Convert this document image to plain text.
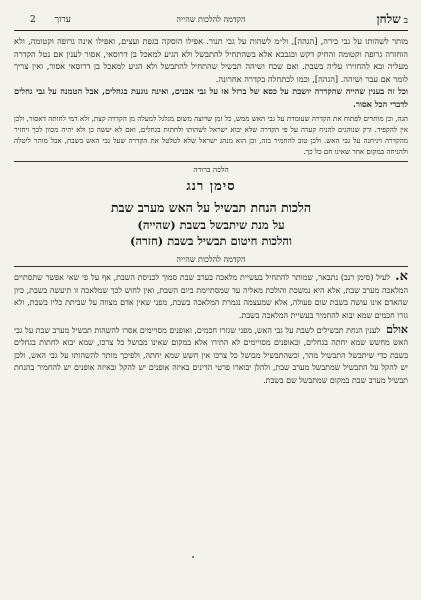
ב שלחן
הקדמה להלכות שהייה
ערוך 2

מותר לשהותו על גבי כירה, [הגהה], ול״מ לשהות על גבי תנור. אפילו הוסקה בגפת ועצים, ואפילו אינה גרופה וקטומה, ולא הוחזרה גרופה וקטומה והחיק דקש ובגבבא אלא בשהתחיל להתבשל ולא הגיע למאכל בן דרוסאי, אסור לענין אם נטל הקדרה מעליה ובא להחזירו עליה בשבת. ואם שכח ושיהה תבשיל שהתחיל להתבשל ולא הגיע למאכל בן דרוסאי אסור, ואין צריך לומר אם עבר ושיהה. [הגהה], וכמו לכתחלה בקדרה אחרונה.

וכל זה בענין שהייה שהקדרה יושבת על כסא של ברזל או על גבי אבנים, ואינה נוגעת בגחלים, אבל הטמנה על גבי גחלים לדברי הכל אסור.

הגה, וכן מותרים לפתוח את הקדרה שעומדת על גבי האש ממש, כל זמן שרוצה משום מגלגל למעלה מן הקדרה קצת, ולא דמי לחותה דאסור, ולכן אין להקפיד. ורק שנוהגים להניח קערה על פי הקדרה שלא יבוא ישראל לשהותו ולחתות בגחלים, ואם לא יעשה כן ולא יהיה מכוון לכך ויחזיר מהקדרה ויניחנה על גבי האש. ולכן טוב להחמיר בזה, וכן הוא מנהג ישראל שלא לטלטל את הקדרה שעל גבי האש בשבת, אבל מותר ליטלה ולהניחה במקום אחר שאינו חם כל כך.

הלכה ברורה
סימן רנג
הלכות הנחת תבשיל על האש מערב שבת
על מנת שיתבשל בשבת (שהייה)
והלכות חיטום תבשיל בשבת (חזרה)
הקדמה להלכות שהייה

א.לעיל (סימן רנב) נתבאר, שמותר להתחיל בעשיית מלאכה בערב שבת סמוך לכניסת השבת, אף על פי שאי אפשר שתסתיים המלאכה מערב שבת, אלא היא נמשכת והולכת מאליה עד שמסתיימת ביום השבת, ואין לחוש לכך שמלאכה זו תיעשה בשבת, כיון שהאדם אינו עושה בשבת שום פעולה, אלא שמעצמה נגמרת המלאכה בשבת, מפני שאין אדם מצווה על שביתת כליו בשבת, ולא גזרו חכמים שמא יבוא להחמיר בעשיית המלאכה בשבת.

אולםלענין הנחת תבשילים לשבת על גבי האש, מפני שגזרו חכמים, ואופנים מסויימים אסרו להשהות תבשיל מערב שבת על גבי האש מחשש שמא יחתה בגחלים, ובאופנים מסויימים לא התירו אלא במקום שאינו מבושל כל צרכו, שמא יבוא לחתות בגחלים בשבת כדי שיתבשל התבשיל מהר, וכשהתבשיל מבושל כל צרכו אין חשש שמא יחתה, ולפיכך מותר להשהותו על גבי האש, ולכן יש להקל על התבשיל שמתבשל מערב שבת, ולהלן יבוארו פרטי הדינים באיזה אופנים יש להקל ובאיזה אופנים יש להחמיר בהנחת תבשיל מערב שבת במקום שמתבשל שם בשבת.
